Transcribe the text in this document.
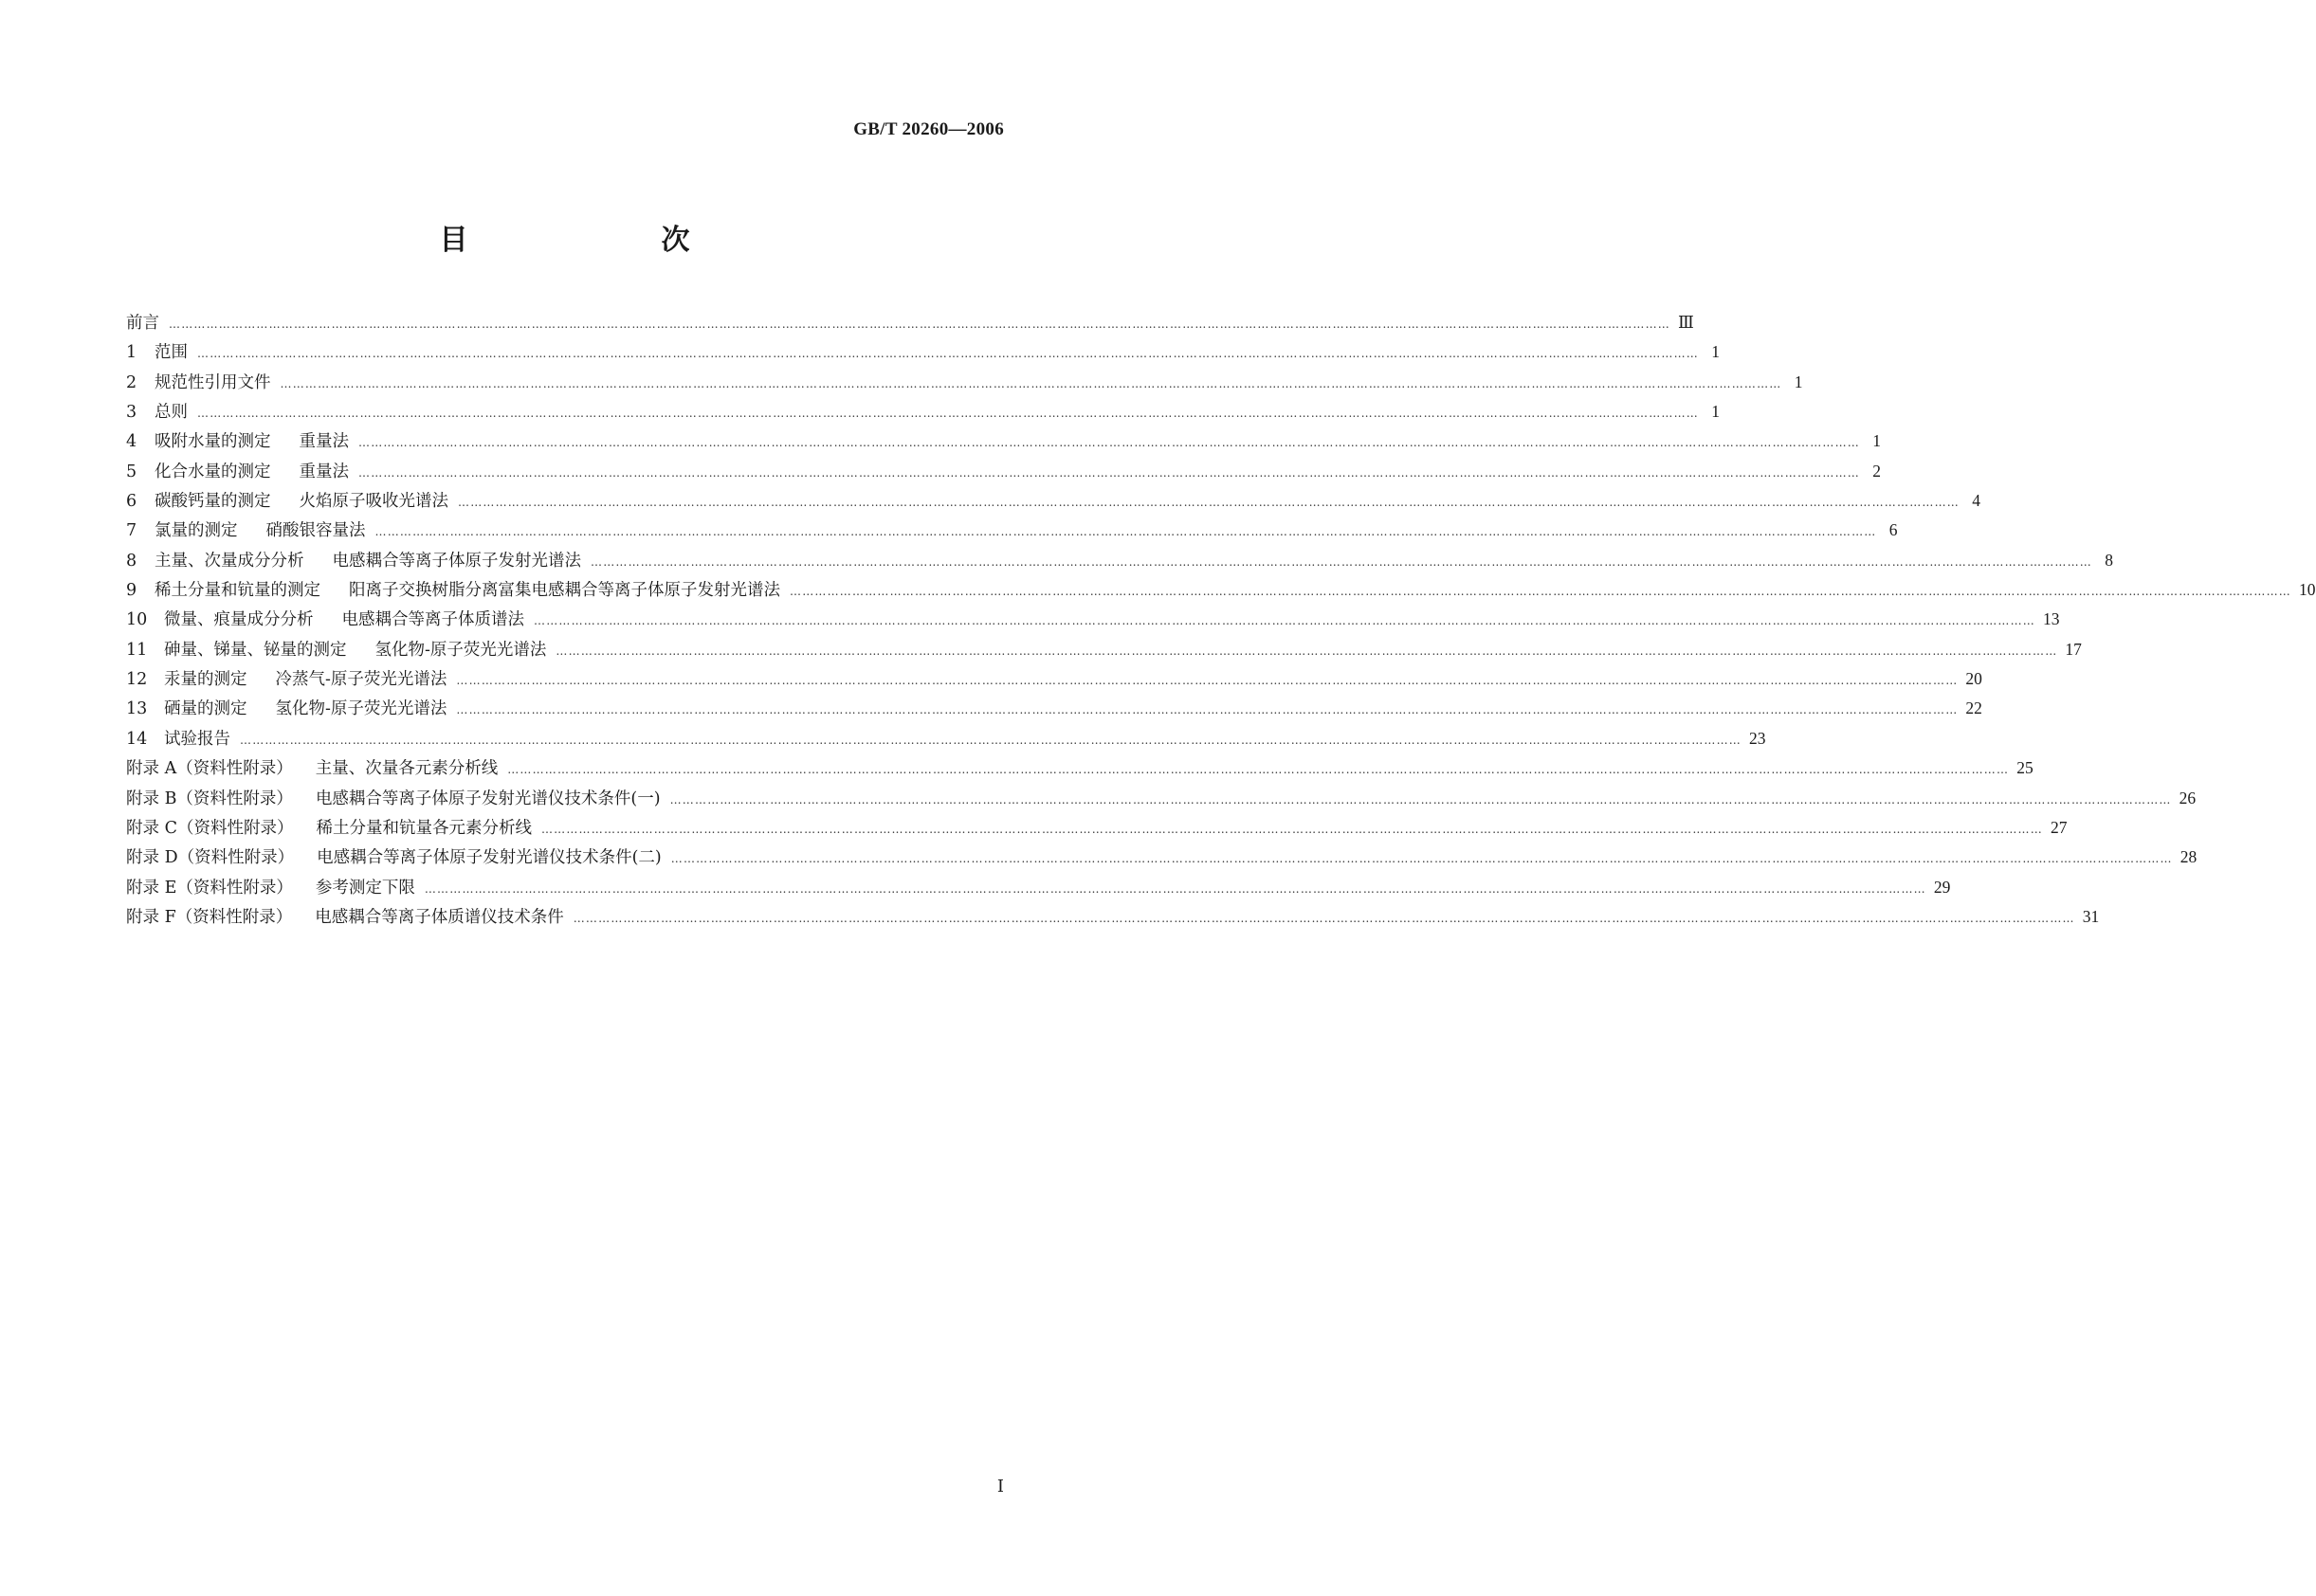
GB/T 20260—2006
目　　次
前言 ……………………………………………………………………………………………………………………………………………………………………………………………………………………………………………………………………………………………………………………………… Ⅲ
1	范围 ……………………………………………………………………………………………………………………………………………………………………………………………………………………………………………………………………………………………………………………………… 1
2	规范性引用文件 ……………………………………………………………………………………………………………………………………………………………………………………………………………………………………………………………………………………………………………………………… 1
3	总则 ……………………………………………………………………………………………………………………………………………………………………………………………………………………………………………………………………………………………………………………………… 1
4	吸附水量的测定 重量法 ……………………………………………………………………………………………………………………………………………………………………………………………………………………………………………………………………………………………………………………………… 1
5	化合水量的测定 重量法 ……………………………………………………………………………………………………………………………………………………………………………………………………………………………………………………………………………………………………………………………… 2
6	碳酸钙量的测定 火焰原子吸收光谱法 ……………………………………………………………………………………………………………………………………………………………………………………………………………………………………………………………………………………………………………………………… 4
7	氯量的测定 硝酸银容量法 ……………………………………………………………………………………………………………………………………………………………………………………………………………………………………………………………………………………………………………………………… 6
8	主量、次量成分分析 电感耦合等离子体原子发射光谱法 ……………………………………………………………………………………………………………………………………………………………………………………………………………………………………………………………………………………………………………………………… 8
9	稀土分量和钪量的测定 阳离子交换树脂分离富集电感耦合等离子体原子发射光谱法 ……………………………………………………………………………………………………………………………………………………………………………………………………………………………………………………………………………………………………………………………… 10
10	微量、痕量成分分析 电感耦合等离子体质谱法 ……………………………………………………………………………………………………………………………………………………………………………………………………………………………………………………………………………………………………………………………… 13
11	砷量、锑量、铋量的测定 氢化物-原子荧光光谱法 ……………………………………………………………………………………………………………………………………………………………………………………………………………………………………………………………………………………………………………………………… 17
12	汞量的测定 冷蒸气-原子荧光光谱法 ……………………………………………………………………………………………………………………………………………………………………………………………………………………………………………………………………………………………………………………………… 20
13	硒量的测定 氢化物-原子荧光光谱法 ……………………………………………………………………………………………………………………………………………………………………………………………………………………………………………………………………………………………………………………………… 22
14	试验报告 ……………………………………………………………………………………………………………………………………………………………………………………………………………………………………………………………………………………………………………………………… 23
附录 A（资料性附录） 主量、次量各元素分析线 ……………………………………………………………………………………………………………………………………………………………………………………………………………………………………………………………………………………………………………………………… 25
附录 B（资料性附录） 电感耦合等离子体原子发射光谱仪技术条件(一) ……………………………………………………………………………………………………………………………………………………………………………………………………………………………………………………………………………………………………………………………… 26
附录 C（资料性附录） 稀土分量和钪量各元素分析线 ……………………………………………………………………………………………………………………………………………………………………………………………………………………………………………………………………………………………………………………………… 27
附录 D（资料性附录） 电感耦合等离子体原子发射光谱仪技术条件(二) ……………………………………………………………………………………………………………………………………………………………………………………………………………………………………………………………………………………………………………………………… 28
附录 E（资料性附录） 参考测定下限 ……………………………………………………………………………………………………………………………………………………………………………………………………………………………………………………………………………………………………………………………… 29
附录 F（资料性附录） 电感耦合等离子体质谱仪技术条件 ……………………………………………………………………………………………………………………………………………………………………………………………………………………………………………………………………………………………………………………………… 31
Ⅰ
